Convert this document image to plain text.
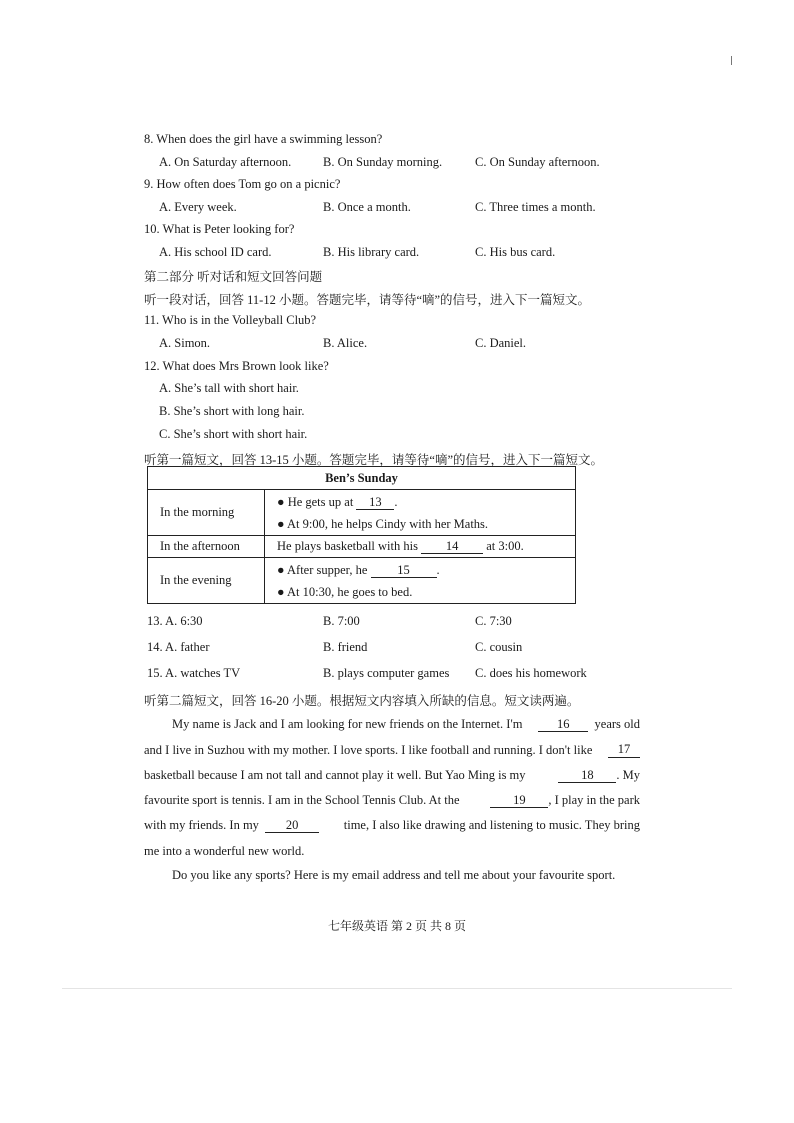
8. When does the girl have a swimming lesson?
A. On Saturday afternoon.	B. On Sunday morning.	C. On Sunday afternoon.
9. How often does Tom go on a picnic?
A. Every week.	B. Once a month.	C. Three times a month.
10. What is Peter looking for?
A. His school ID card.	B. His library card.	C. His bus card.
第二部分 听对话和短文回答问题
听一段对话，回答 11-12 小题。答题完毕，请等待“嘀”的信号，进入下一篇短文。
11. Who is in the Volleyball Club?
A. Simon.	B. Alice.	C. Daniel.
12. What does Mrs Brown look like?
A. She’s tall with short hair.
B. She’s short with long hair.
C. She’s short with short hair.
听第一篇短文，回答 13-15 小题。答题完毕，请等待“嘀”的信号，进入下一篇短文。
Ben’s Sunday	
In the morning	● He gets up at 13 .
● At 9:00, he helps Cindy with her Maths.

In the afternoon	He plays basketball with his 14 at 3:00.
In the evening	● After supper, he 15 .
● At 10:30, he goes to bed.
13. A. 6:30	B. 7:00	C. 7:30
14. A. father	B. friend	C. cousin
15. A. watches TV	B. plays computer games C. does his homework
听第二篇短文，回答 16-20 小题。根据短文内容填入所缺的信息。短文读两遍。
My name is Jack and I am looking for new friends on the Internet. I'm	16 years old
and I live in Suzhou with my mother. I love sports. I like football and running. I don't like	17
basketball because I am not tall and cannot play it well. But Yao Ming is my	18 . My
favourite sport is tennis. I am in the School Tennis Club. At the	19 , I play in the park
with my friends. In my 20	time, I also like drawing and listening to music. They bring
me into a wonderful new world.
Do you like any sports? Here is my email address and tell me about your favourite sport.
七年级英语 第 2 页 共 8 页
